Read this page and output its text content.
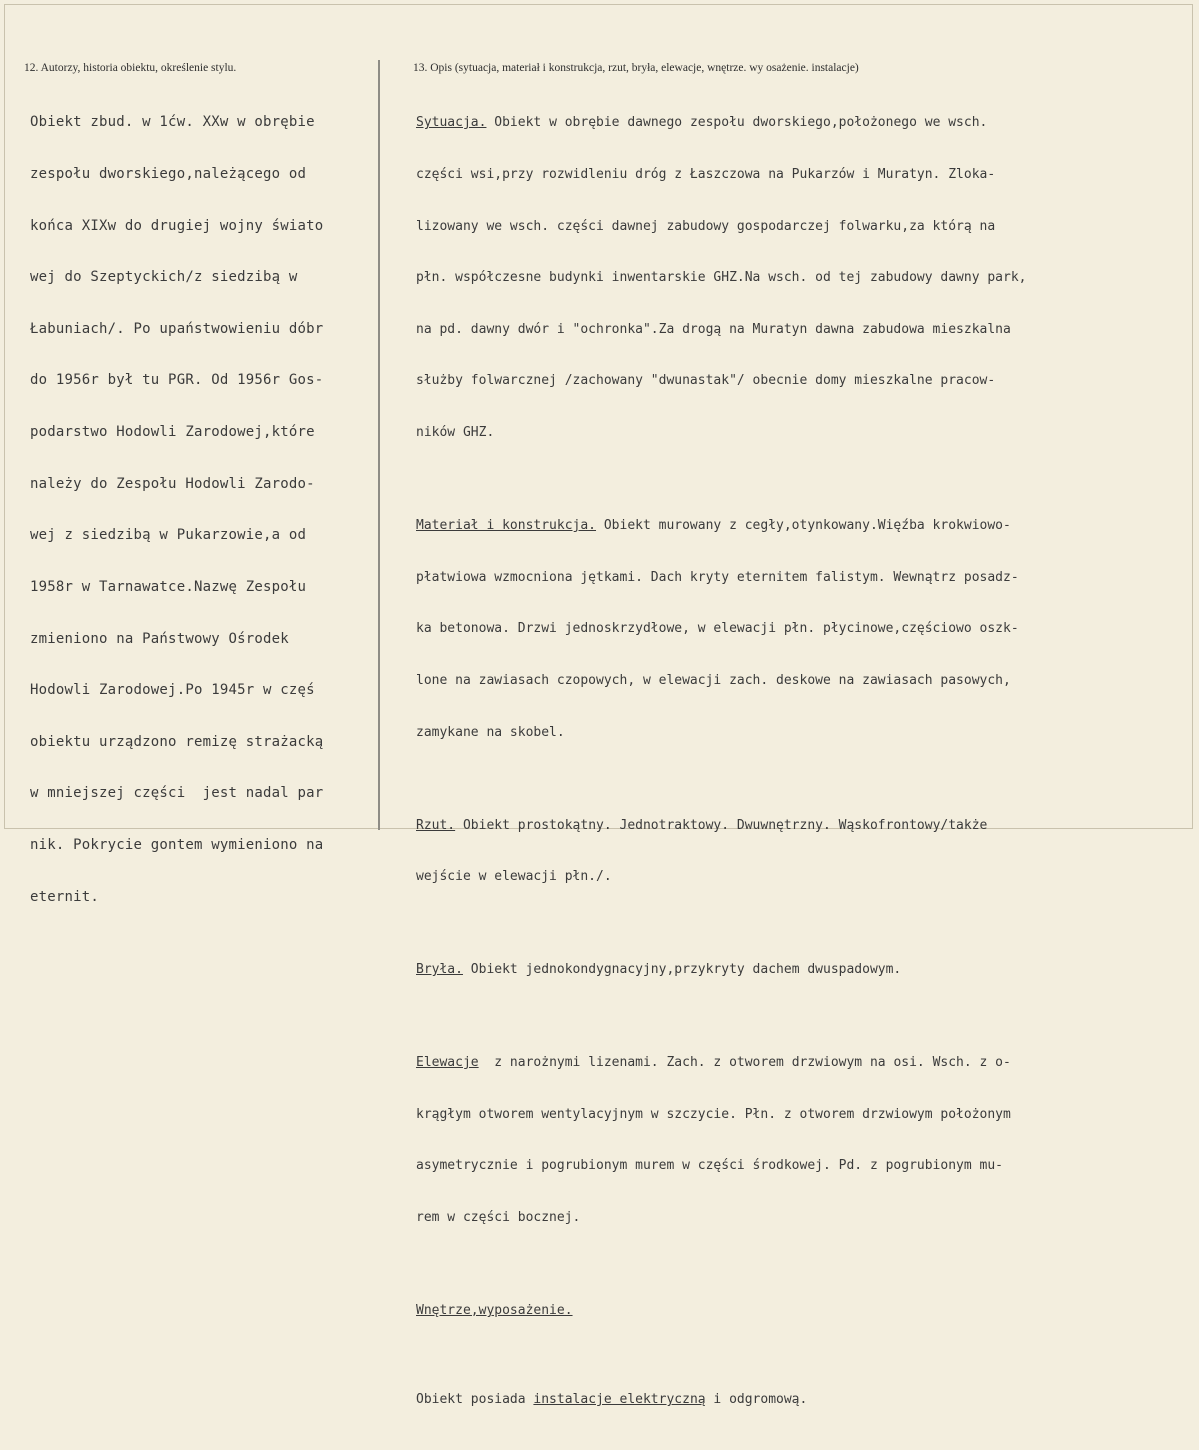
12. Autorzy, historia obiektu, określenie stylu.	13. Opis (sytuacja, materiał i konstrukcja, rzut, bryła, elewacje, wnętrze. wy osażenie. instalacje)

Obiekt zbud. w 1ćw. XXw w obrębie

zespołu dworskiego,należącego od

końca XIXw do drugiej wojny świato

wej do Szeptyckich/z siedzibą w

Łabuniach/. Po upaństwowieniu dóbr

do 1956r był tu PGR. Od 1956r Gos-

podarstwo Hodowli Zarodowej,które

należy do Zespołu Hodowli Zarodo-

wej z siedzibą w Pukarzowie,a od

1958r w Tarnawatce.Nazwę Zespołu

zmieniono na Państwowy Ośrodek

Hodowli Zarodowej.Po 1945r w częś

obiektu urządzono remizę strażacką

w mniejszej części  jest nadal par

nik. Pokrycie gontem wymieniono na

eternit.

Sytuacja. Obiekt w obrębie dawnego zespołu dworskiego,położonego we wsch.

części wsi,przy rozwidleniu dróg z Łaszczowa na Pukarzów i Muratyn. Zloka-

lizowany we wsch. części dawnej zabudowy gospodarczej folwarku,za którą na

płn. współczesne budynki inwentarskie GHZ.Na wsch. od tej zabudowy dawny park,

na pd. dawny dwór i "ochronka".Za drogą na Muratyn dawna zabudowa mieszkalna

służby folwarcznej /zachowany "dwunastak"/ obecnie domy mieszkalne pracow-

ników GHZ.

Materiał i konstrukcja. Obiekt murowany z cegły,otynkowany.Więźba krokwiowo-

płatwiowa wzmocniona jętkami. Dach kryty eternitem falistym. Wewnątrz posadz-

ka betonowa. Drzwi jednoskrzydłowe, w elewacji płn. płycinowe,częściowo oszk-

lone na zawiasach czopowych, w elewacji zach. deskowe na zawiasach pasowych,

zamykane na skobel.

Rzut. Obiekt prostokątny. Jednotraktowy. Dwuwnętrzny. Wąskofrontowy/także

wejście w elewacji płn./.

Bryła. Obiekt jednokondygnacyjny,przykryty dachem dwuspadowym.

Elewacje  z narożnymi lizenami. Zach. z otworem drzwiowym na osi. Wsch. z o-

krągłym otworem wentylacyjnym w szczycie. Płn. z otworem drzwiowym położonym

asymetrycznie i pogrubionym murem w części środkowej. Pd. z pogrubionym mu-

rem w części bocznej.

Wnętrze,wyposażenie.

Obiekt posiada instalacje elektryczną i odgromową.
